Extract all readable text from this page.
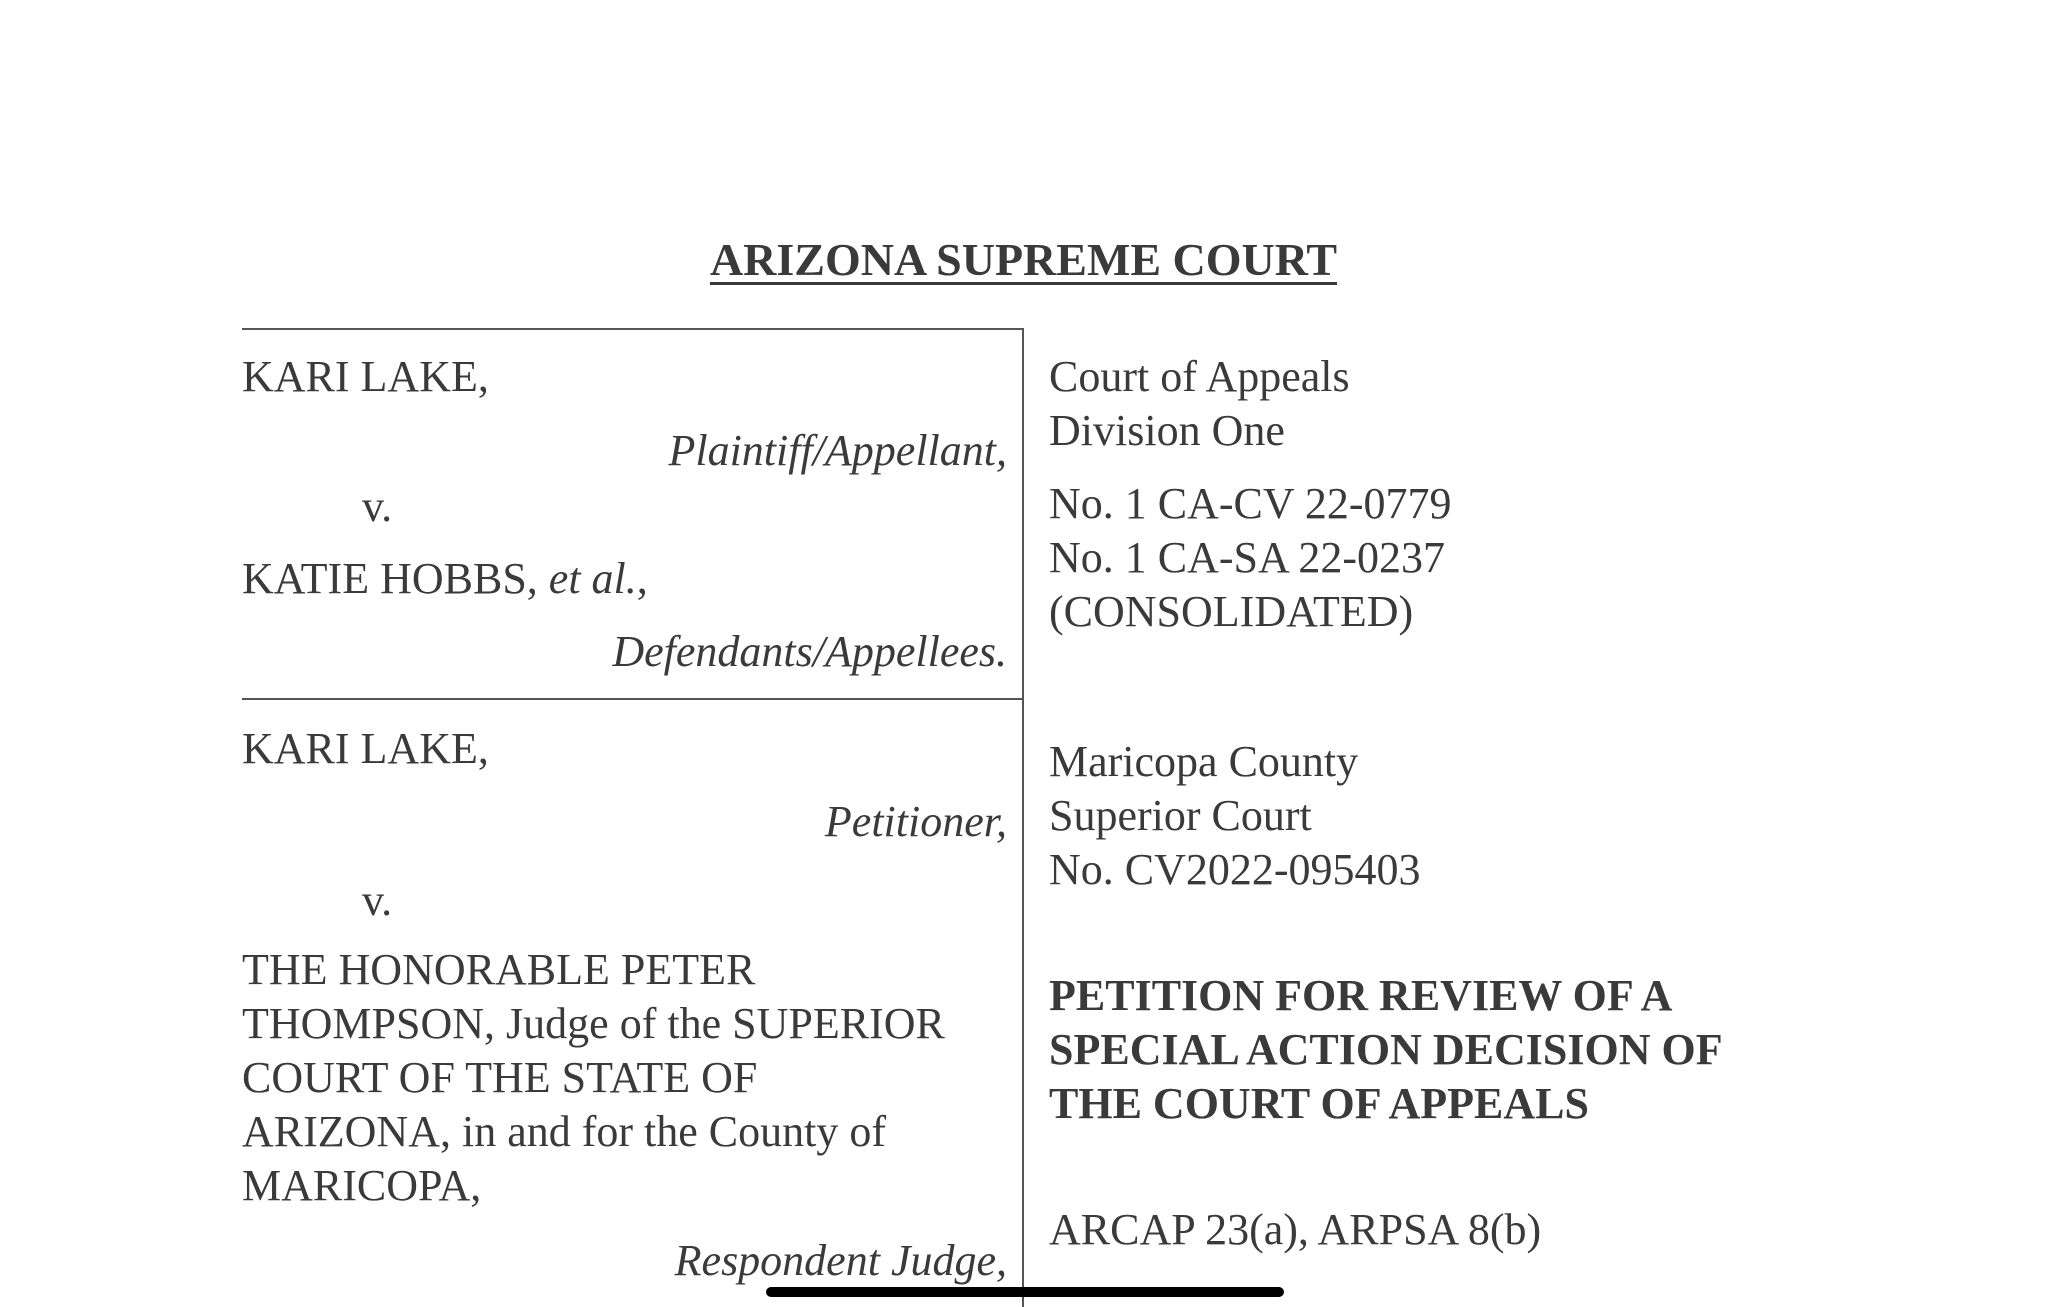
ARIZONA SUPREME COURT
KARI LAKE,
Plaintiff/Appellant,
v.
KATIE HOBBS, et al.,
Defendants/Appellees.
Court of Appeals
Division One
No. 1 CA-CV 22-0779
No. 1 CA-SA 22-0237
(CONSOLIDATED)
KARI LAKE,
Petitioner,
v.
THE HONORABLE PETER
THOMPSON, Judge of the SUPERIOR
COURT OF THE STATE OF
ARIZONA, in and for the County of
MARICOPA,
Respondent Judge,
Maricopa County
Superior Court
No. CV2022-095403
PETITION FOR REVIEW OF A
SPECIAL ACTION DECISION OF
THE COURT OF APPEALS
ARCAP 23(a), ARPSA 8(b)
